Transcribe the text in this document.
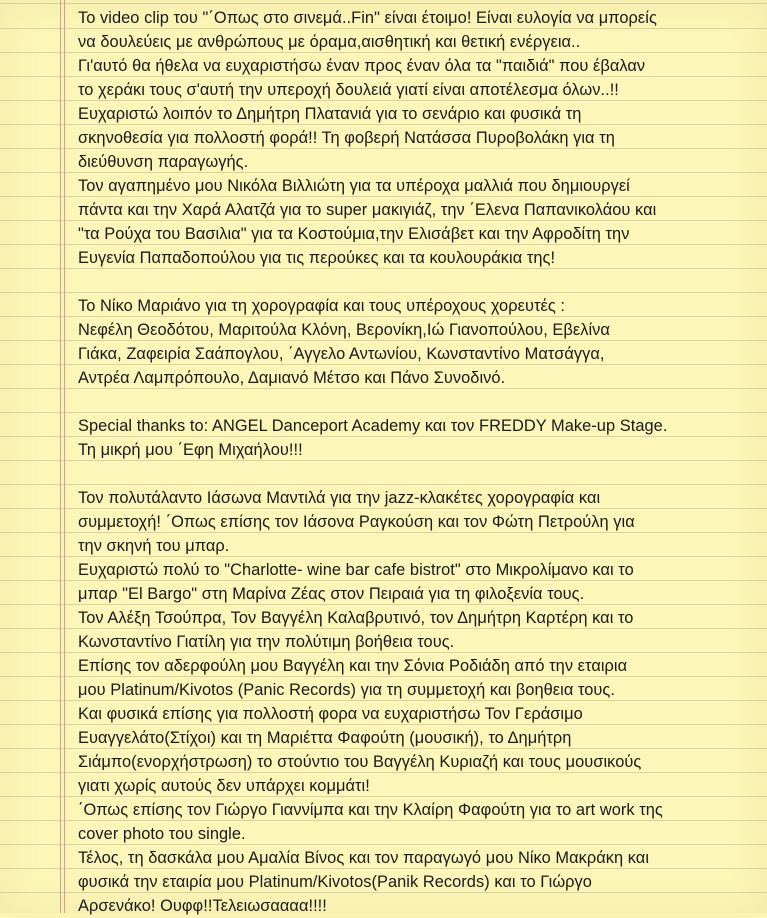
Το video clip του "΄Οπως στο σινεμά..Fin" είναι έτοιμο! Είναι ευλογία να μπορείς
να δουλεύεις με ανθρώπους με όραμα,αισθητική και θετική ενέργεια..
Γι'αυτό θα ήθελα να ευχαριστήσω έναν προς έναν όλα τα "παιδιά" που έβαλαν
το χεράκι τους σ'αυτή την υπεροχή δουλειά γιατί είναι αποτέλεσμα όλων..!!
Ευχαριστώ λοιπόν το Δημήτρη Πλατανιά για το σενάριο και φυσικά τη
σκηνοθεσία για πολλοστή φορά!! Τη φοβερή Νατάσσα Πυροβολάκη για τη
διεύθυνση παραγωγής.
Τον αγαπημένο μου Νικόλα Βιλλιώτη για τα υπέροχα μαλλιά που δημιουργεί
πάντα και την Χαρά Αλατζά για το super μακιγιάζ, την ΄Ελενα Παπανικολάου και
"τα Ρούχα του Βασιλια" για τα Κοστούμια,την Ελισάβετ και την Αφροδίτη την
Ευγενία Παπαδοπούλου για τις περούκες και τα κουλουράκια της!
Το Νίκο Μαριάνο για τη χορογραφία και τους υπέροχους χορευτές :
Νεφέλη Θεοδότου, Μαριτούλα Κλόνη, Βερονίκη,Ιώ Γιανοπούλου, Εβελίνα
Γιάκα, Ζαφειρία Σαάπογλου, ΄Αγγελο Αντωνίου, Κωνσταντίνο Ματσάγγα,
Αντρέα Λαμπρόπουλο, Δαμιανό Μέτσο και Πάνο Συνοδινό.
Special thanks to: ANGEL Danceport Academy και τον FREDDY Make-up Stage.
Τη μικρή μου ΄Εφη Μιχαήλου!!!
Τον πολυτάλαντο Ιάσωνα Μαντιλά για την jazz-κλακέτες χορογραφία και
συμμετοχή! ΄Οπως επίσης τον Ιάσονα Ραγκούση και τον Φώτη Πετρούλη για
την σκηνή του μπαρ.
Ευχαριστώ πολύ το "Charlotte- wine bar cafe bistrot" στο Μικρολίμανο και το
μπαρ "El Bargo" στη Μαρίνα Ζέας στον Πειραιά για τη φιλοξενία τους.
Τον Αλέξη Τσούπρα, Τον Βαγγέλη Καλαβρυτινό, τον Δημήτρη Καρτέρη και το
Κωνσταντίνο Γιατίλη για την πολύτιμη βοήθεια τους.
Επίσης τον αδερφούλη μου Βαγγέλη και την Σόνια Ροδιάδη από την εταιρια
μου Platinum/Kivotos (Panic Records) για τη συμμετοχή και βοηθεια τους.
Και φυσικά επίσης για πολλοστή φορα να ευχαριστήσω Τον Γεράσιμο
Ευαγγελάτο(Στίχοι) και τη Μαριέττα Φαφούτη (μουσική), το Δημήτρη
Σιάμπο(ενορχήστρωση) το στούντιο του Βαγγέλη Κυριαζή και τους μουσικούς
γιατι χωρίς αυτούς δεν υπάρχει κομμάτι!
΄Οπως επίσης τον Γιώργο Γιαννίμπα και την Κλαίρη Φαφούτη για το art work της
cover photo του single.
Τέλος, τη δασκάλα μου Αμαλία Βίνος και τον παραγωγό μου Νίκο Μακράκη και
φυσικά την εταιρία μου Platinum/Kivotos(Panik Records) και το Γιώργο
Αρσενάκο! Ουφφ!!Τελειωσαααα!!!!
